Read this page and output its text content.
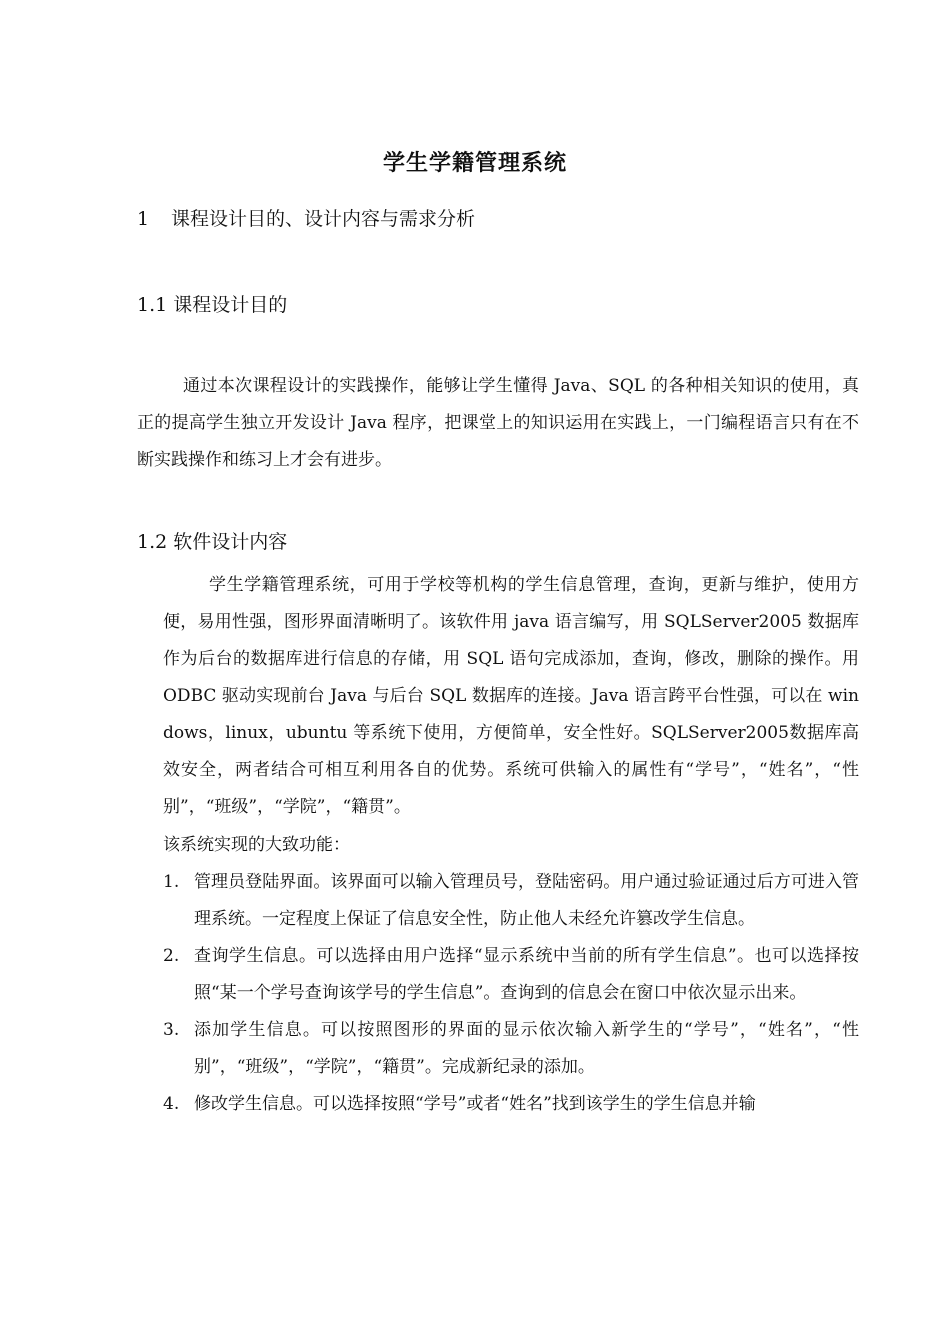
学生学籍管理系统
1 课程设计目的、设计内容与需求分析
1.1 课程设计目的
通过本次课程设计的实践操作，能够让学生懂得 Java、SQL 的各种相关知识的使用，真正的提高学生独立开发设计 Java 程序，把课堂上的知识运用在实践上，一门编程语言只有在不断实践操作和练习上才会有进步。
1.2 软件设计内容
学生学籍管理系统，可用于学校等机构的学生信息管理，查询，更新与维护，使用方便，易用性强，图形界面清晰明了。该软件用 java 语言编写，用 SQLServer2005 数据库作为后台的数据库进行信息的存储，用 SQL 语句完成添加，查询，修改，删除的操作。用 ODBC 驱动实现前台 Java 与后台 SQL 数据库的连接。Java 语言跨平台性强，可以在 windows，linux，ubuntu 等系统下使用，方便简单，安全性好。SQLServer2005数据库高效安全，两者结合可相互利用各自的优势。系统可供输入的属性有“学号”，“姓名”，“性别”，“班级”，“学院”，“籍贯”。
该系统实现的大致功能：
1. 管理员登陆界面。该界面可以输入管理员号，登陆密码。用户通过验证通过后方可进入管理系统。一定程度上保证了信息安全性，防止他人未经允许篡改学生信息。
2. 查询学生信息。可以选择由用户选择“显示系统中当前的所有学生信息”。也可以选择按照“某一个学号查询该学号的学生信息”。查询到的信息会在窗口中依次显示出来。
3. 添加学生信息。可以按照图形的界面的显示依次输入新学生的“学号”，“姓名”，“性别”，“班级”，“学院”，“籍贯”。完成新纪录的添加。
4. 修改学生信息。可以选择按照“学号”或者“姓名”找到该学生的学生信息并输
